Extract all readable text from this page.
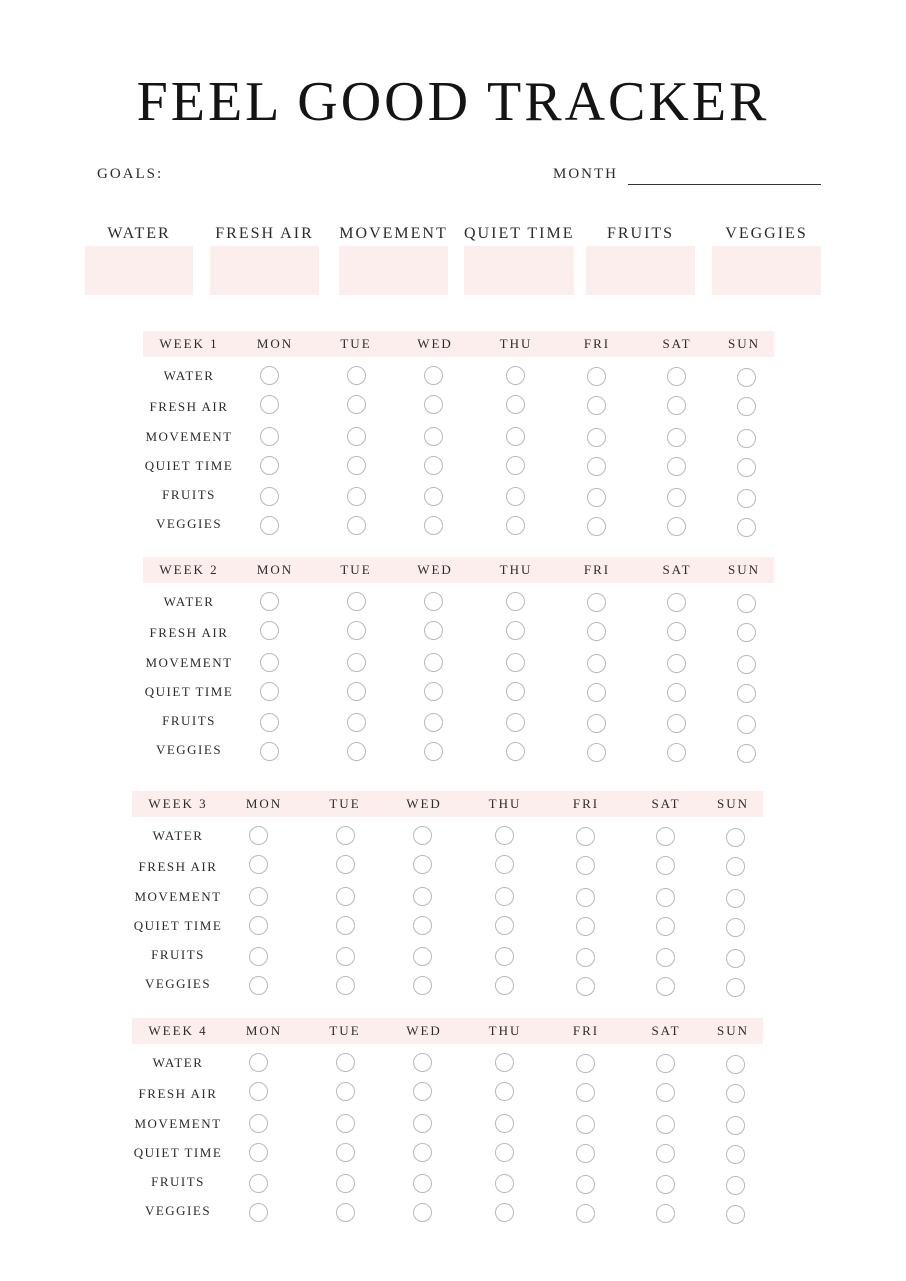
FEEL GOOD TRACKER
GOALS:	MONTH
WATER	FRESH AIR	MOVEMENT QUIET TIME	FRUITS	VEGGIES
WEEK 1	MON	TUE	WED	THU	FRI	SAT	SUN
WATER
FRESH AIR
MOVEMENT
QUIET TIME
FRUITS
VEGGIES
WEEK 2	MON	TUE	WED	THU	FRI	SAT	SUN
WATER
FRESH AIR
MOVEMENT
QUIET TIME
FRUITS
VEGGIES
WEEK 3	MON	TUE	WED	THU	FRI	SAT	SUN
WATER
FRESH AIR
MOVEMENT
QUIET TIME
FRUITS
VEGGIES
WEEK 4	MON	TUE	WED	THU	FRI	SAT	SUN
WATER
FRESH AIR
MOVEMENT
QUIET TIME
FRUITS
VEGGIES
